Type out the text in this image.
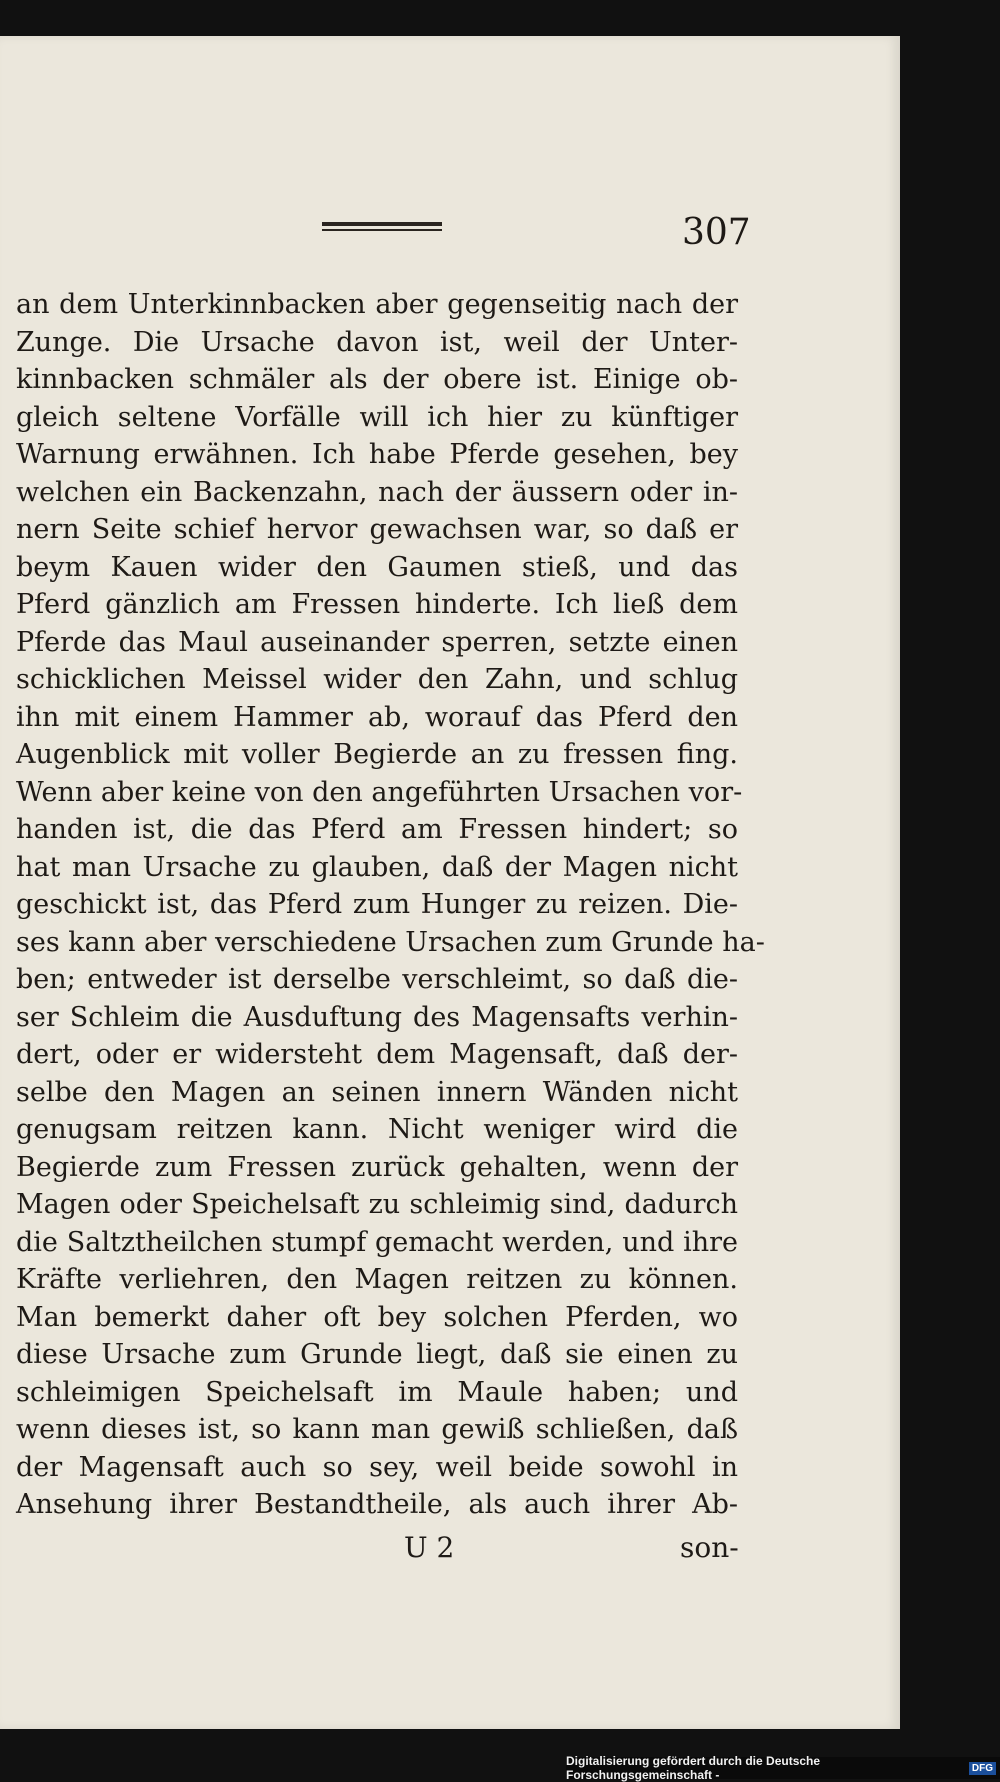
307
an dem Unterkinnbacken aber gegenseitig nach der
Zunge. Die Ursache davon ist, weil der Unter-
kinnbacken schmäler als der obere ist. Einige ob-
gleich seltene Vorfälle will ich hier zu künftiger
Warnung erwähnen. Ich habe Pferde gesehen, bey
welchen ein Backenzahn, nach der äussern oder in-
nern Seite schief hervor gewachsen war, so daß er
beym Kauen wider den Gaumen stieß, und das
Pferd gänzlich am Fressen hinderte. Ich ließ dem
Pferde das Maul auseinander sperren, setzte einen
schicklichen Meissel wider den Zahn, und schlug
ihn mit einem Hammer ab, worauf das Pferd den
Augenblick mit voller Begierde an zu fressen fing.
Wenn aber keine von den angeführten Ursachen vor-
handen ist, die das Pferd am Fressen hindert; so
hat man Ursache zu glauben, daß der Magen nicht
geschickt ist, das Pferd zum Hunger zu reizen. Die-
ses kann aber verschiedene Ursachen zum Grunde ha-
ben; entweder ist derselbe verschleimt, so daß die-
ser Schleim die Ausduftung des Magensafts verhin-
dert, oder er widersteht dem Magensaft, daß der-
selbe den Magen an seinen innern Wänden nicht
genugsam reitzen kann. Nicht weniger wird die
Begierde zum Fressen zurück gehalten, wenn der
Magen oder Speichelsaft zu schleimig sind, dadurch
die Saltztheilchen stumpf gemacht werden, und ihre
Kräfte verliehren, den Magen reitzen zu können.
Man bemerkt daher oft bey solchen Pferden, wo
diese Ursache zum Grunde liegt, daß sie einen zu
schleimigen Speichelsaft im Maule haben; und
wenn dieses ist, so kann man gewiß schließen, daß
der Magensaft auch so sey, weil beide sowohl in
Ansehung ihrer Bestandtheile, als auch ihrer Ab-
U 2	son-
Digitalisierung gefördert durch die Deutsche Forschungsgemeinschaft -	DFG
